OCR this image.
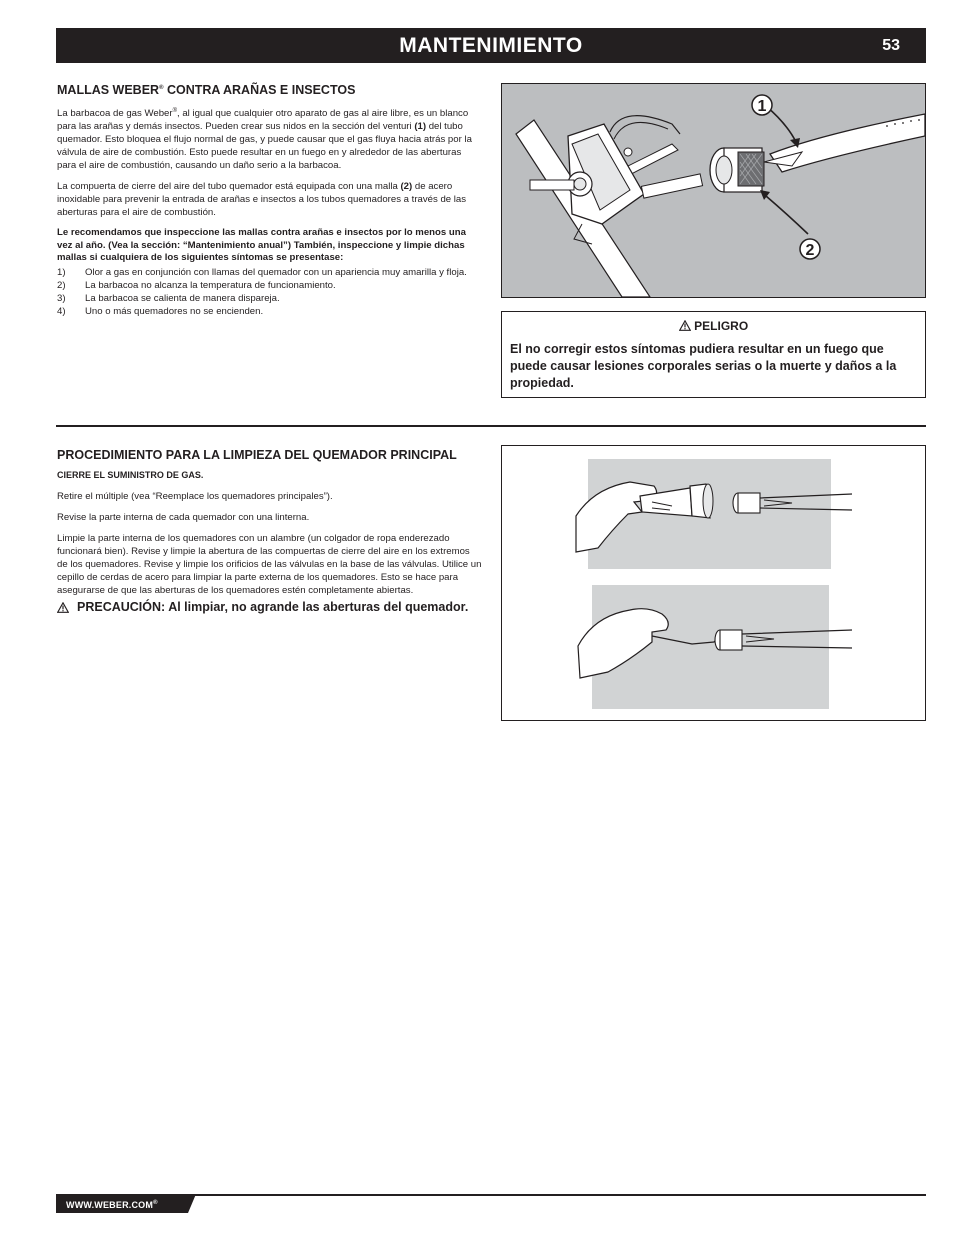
MANTENIMIENTO	53
MALLAS WEBER® CONTRA ARAÑAS E INSECTOS

La barbacoa de gas Weber®, al igual que cualquier otro aparato de gas al aire libre, es un blanco para las arañas y demás insectos. Pueden crear sus nidos en la sección del venturi (1) del tubo quemador. Esto bloquea el flujo normal de gas, y puede causar que el gas fluya hacia atrás por la válvula de aire de combustión. Esto puede resultar en un fuego en y alrededor de las aberturas para el aire de combustión, causando un daño serio a la barbacoa.

La compuerta de cierre del aire del tubo quemador está equipada con una malla (2) de acero inoxidable para prevenir la entrada de arañas e insectos a los tubos quemadores a través de las aberturas para el aire de combustión.

Le recomendamos que inspeccione las mallas contra arañas e insectos por lo menos una vez al año. (Vea la sección: “Mantenimiento anual”) También, inspeccione y limpie dichas mallas si cualquiera de los siguientes síntomas se presentase:

1)	Olor a gas en conjunción con llamas del quemador con un apariencia muy amarilla y floja.
2)	La barbacoa no alcanza la temperatura de funcionamiento.
3)	La barbacoa se calienta de manera dispareja.
4)	Uno o más quemadores no se encienden.
1
2
PELIGRO
El no corregir estos síntomas pudiera resultar en un fuego que puede causar lesiones corporales serias o la muerte y daños a la propiedad.
PROCEDIMIENTO PARA LA LIMPIEZA DEL QUEMADOR PRINCIPAL

CIERRE EL SUMINISTRO DE GAS.

Retire el múltiple (vea “Reemplace los quemadores principales”).

Revise la parte interna de cada quemador con una linterna.

Limpie la parte interna de los quemadores con un alambre (un colgador de ropa enderezado funcionará bien). Revise y limpie la abertura de las compuertas de cierre del aire en los extremos de los quemadores. Revise y limpie los orificios de las válvulas en la base de las válvulas. Utilice un cepillo de cerdas de acero para limpiar la parte externa de los quemadores. Esto se hace para asegurarse de que las aberturas de los quemadores estén completamente abiertas.

PRECAUCIÓN: Al limpiar, no agrande las aberturas del quemador.
WWW.WEBER.COM®
